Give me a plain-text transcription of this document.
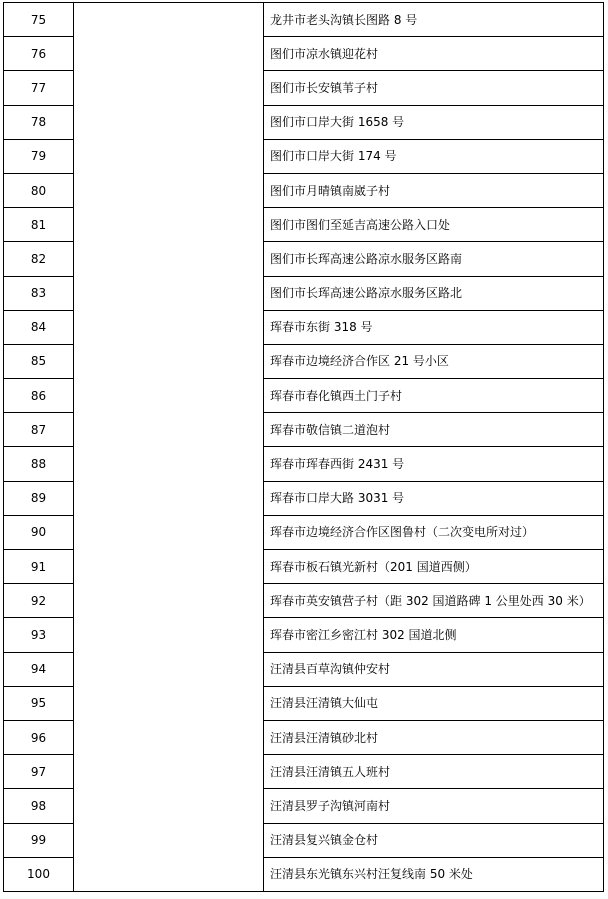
75		龙井市老头沟镇长图路 8 号
76		图们市凉水镇迎花村
77		图们市长安镇苇子村
78		图们市口岸大街 1658 号
79		图们市口岸大街 174 号
80		图们市月晴镇南崴子村
81		图们市图们至延吉高速公路入口处
82		图们市长珲高速公路凉水服务区路南
83		图们市长珲高速公路凉水服务区路北
84		珲春市东街 318 号
85		珲春市边境经济合作区 21 号小区
86		珲春市春化镇西土门子村
87		珲春市敬信镇二道泡村
88		珲春市珲春西街 2431 号
89		珲春市口岸大路 3031 号
90		珲春市边境经济合作区图鲁村（二次变电所对过）
91		珲春市板石镇光新村（201 国道西侧）
92		珲春市英安镇营子村（距 302 国道路碑 1 公里处西 30 米）
93		珲春市密江乡密江村 302 国道北侧
94		汪清县百草沟镇仲安村
95		汪清县汪清镇大仙屯
96		汪清县汪清镇砂北村
97		汪清县汪清镇五人班村
98		汪清县罗子沟镇河南村
99		汪清县复兴镇金仓村
100		汪清县东光镇东兴村汪复线南 50 米处
